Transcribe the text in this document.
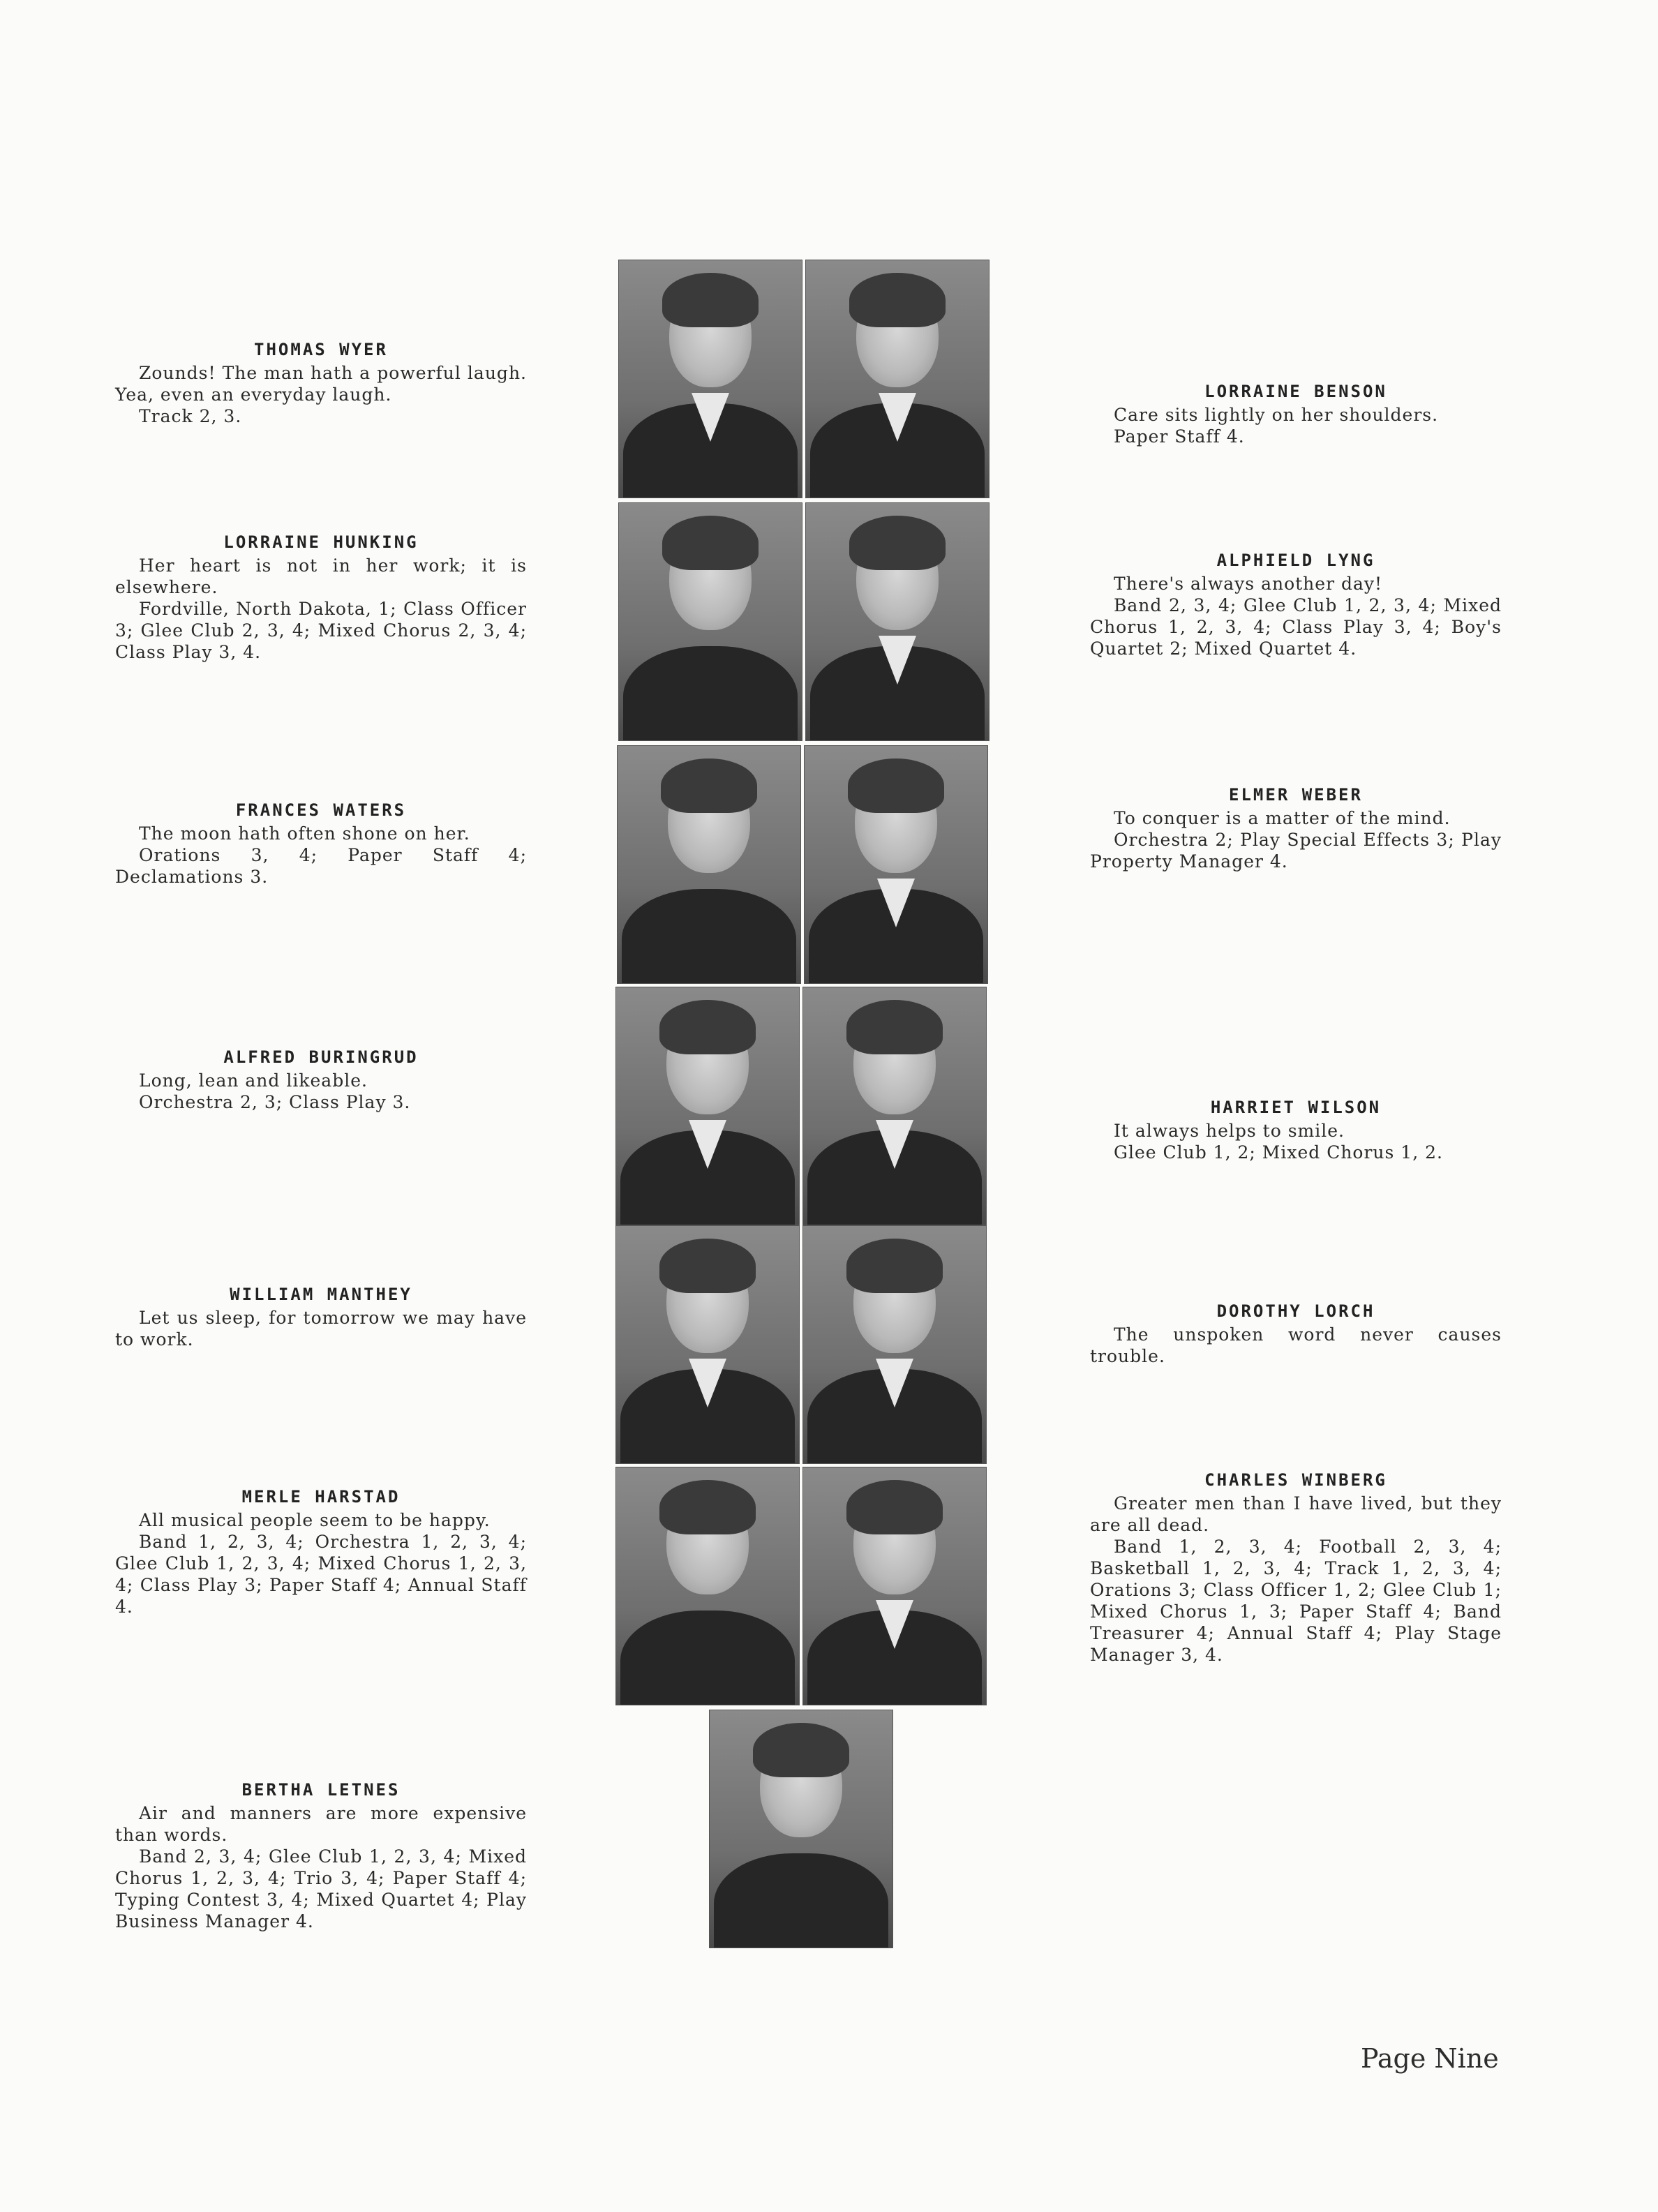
THOMAS WYER
Zounds! The man hath a powerful laugh. Yea, even an everyday laugh.
Track 2, 3.
LORRAINE HUNKING
Her heart is not in her work; it is elsewhere.
Fordville, North Dakota, 1; Class Officer 3; Glee Club 2, 3, 4; Mixed Chorus 2, 3, 4; Class Play 3, 4.
FRANCES WATERS
The moon hath often shone on her.
Orations 3, 4; Paper Staff 4; Declamations 3.
ALFRED BURINGRUD
Long, lean and likeable.
Orchestra 2, 3; Class Play 3.
WILLIAM MANTHEY
Let us sleep, for tomorrow we may have to work.
MERLE HARSTAD
All musical people seem to be happy.
Band 1, 2, 3, 4; Orchestra 1, 2, 3, 4; Glee Club 1, 2, 3, 4; Mixed Chorus 1, 2, 3, 4; Class Play 3; Paper Staff 4; Annual Staff 4.
BERTHA LETNES
Air and manners are more expensive than words.
Band 2, 3, 4; Glee Club 1, 2, 3, 4; Mixed Chorus 1, 2, 3, 4; Trio 3, 4; Paper Staff 4; Typing Contest 3, 4; Mixed Quartet 4; Play Business Manager 4.
LORRAINE BENSON
Care sits lightly on her shoulders.
Paper Staff 4.
ALPHIELD LYNG
There's always another day!
Band 2, 3, 4; Glee Club 1, 2, 3, 4; Mixed Chorus 1, 2, 3, 4; Class Play 3, 4; Boy's Quartet 2; Mixed Quartet 4.
ELMER WEBER
To conquer is a matter of the mind.
Orchestra 2; Play Special Effects 3; Play Property Manager 4.
HARRIET WILSON
It always helps to smile.
Glee Club 1, 2; Mixed Chorus 1, 2.
DOROTHY LORCH
The unspoken word never causes trouble.
CHARLES WINBERG
Greater men than I have lived, but they are all dead.
Band 1, 2, 3, 4; Football 2, 3, 4; Basketball 1, 2, 3, 4; Track 1, 2, 3, 4; Orations 3; Class Officer 1, 2; Glee Club 1; Mixed Chorus 1, 3; Paper Staff 4; Band Treasurer 4; Annual Staff 4; Play Stage Manager 3, 4.
Page Nine
